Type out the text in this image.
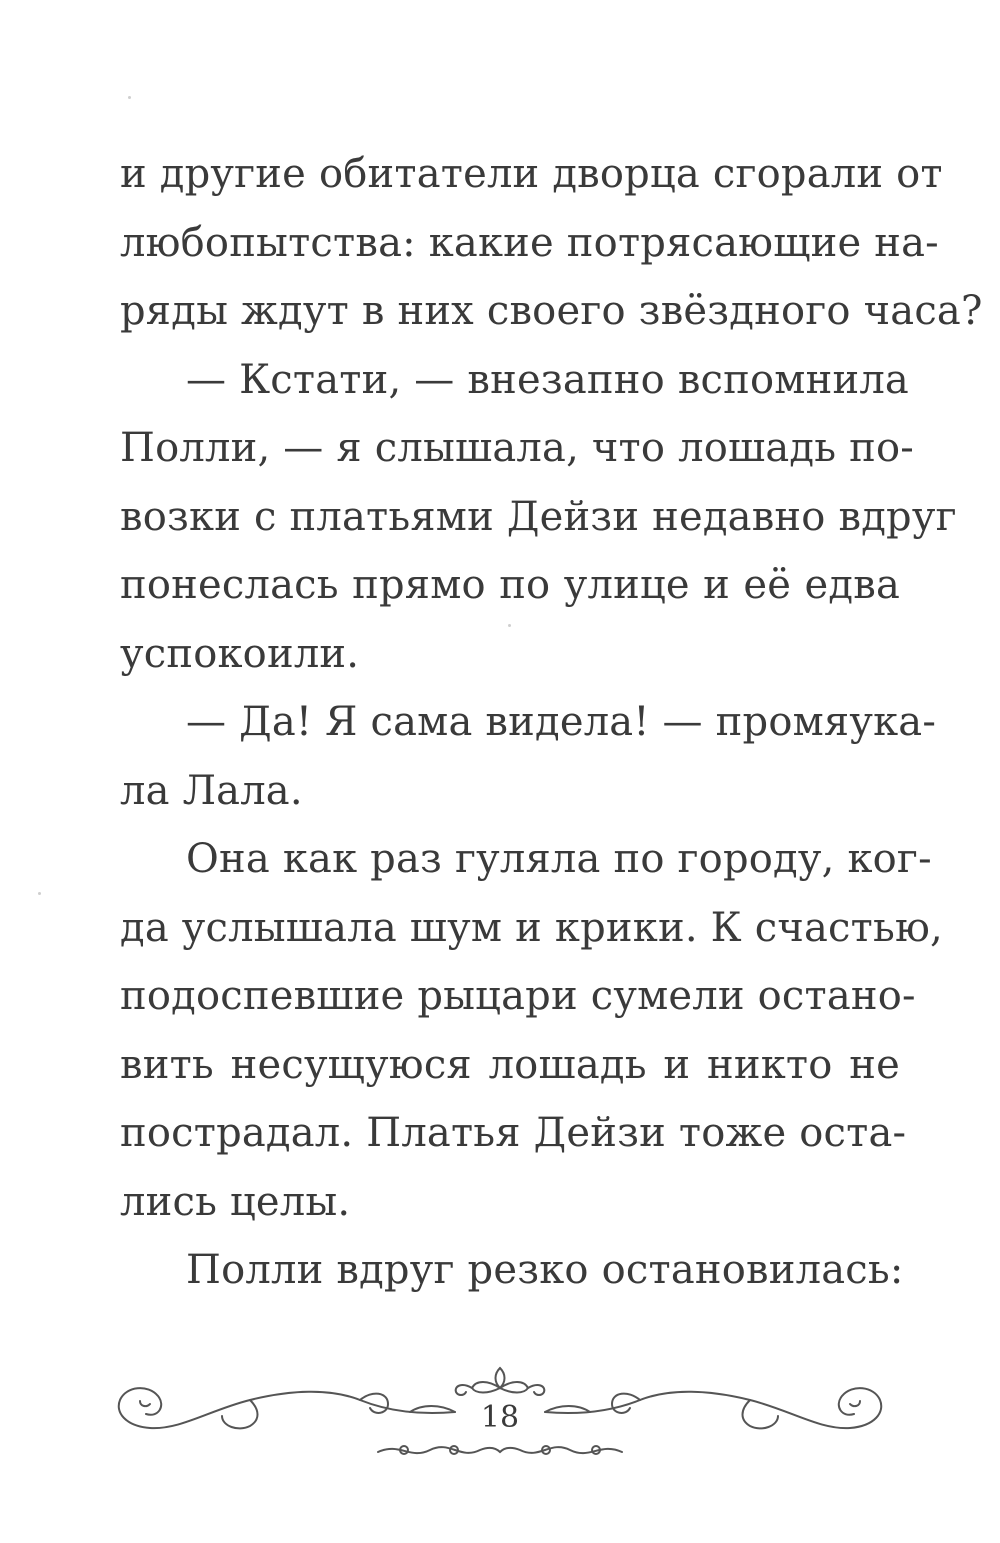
и другие обитатели дворца сгорали от
любопытства: какие потрясающие на-
ряды ждут в них своего звёздного часа?
— Кстати, — внезапно вспомнила
Полли, — я слышала, что лошадь по-
возки с платьями Дейзи недавно вдруг
понеслась прямо по улице и её едва
успокоили.
— Да! Я сама видела! — промяука-
ла Лала.
Она как раз гуляла по городу, ког-
да услышала шум и крики. К счастью,
подоспевшие рыцари сумели остано-
вить несущуюся лошадь и никто не
пострадал. Платья Дейзи тоже оста-
лись целы.
Полли вдруг резко остановилась:
18
